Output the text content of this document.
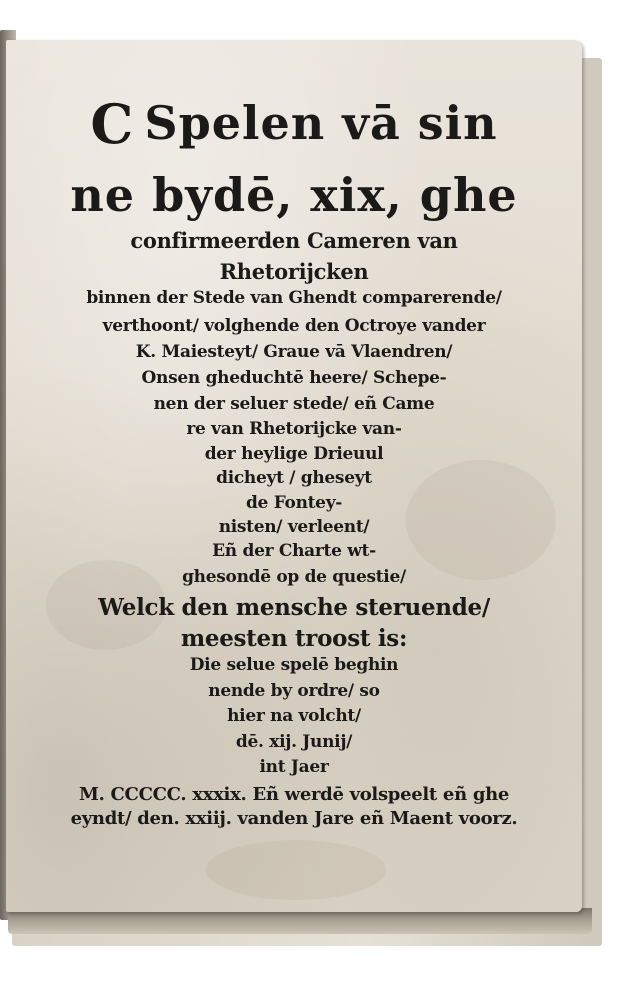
C Spelen vā sin
ne bydē, xix, ghe
confirmeerden Cameren van
Rhetorijcken
binnen der Stede van Ghendt comparerende/
verthoont/ volghende den Octroye vander
K. Maiesteyt/ Graue vā Vlaendren/
Onsen gheduchtē heere/ Schepe-
nen der seluer stede/ eñ Came
re van Rhetorijcke van-
der heylige Drieuul
dicheyt / gheseyt
de Fontey-
nisten/ verleent/
Eñ der Charte wt-
ghesondē op de questie/
Welck den mensche steruende/
meesten troost is:
Die selue spelē beghin
nende by ordre/ so
hier na volcht/
dē. xij. Junij/
int Jaer
M. CCCCC. xxxix. Eñ werdē volspeelt eñ ghe
eyndt/ den. xxiij. vanden Jare eñ Maent voorz.
